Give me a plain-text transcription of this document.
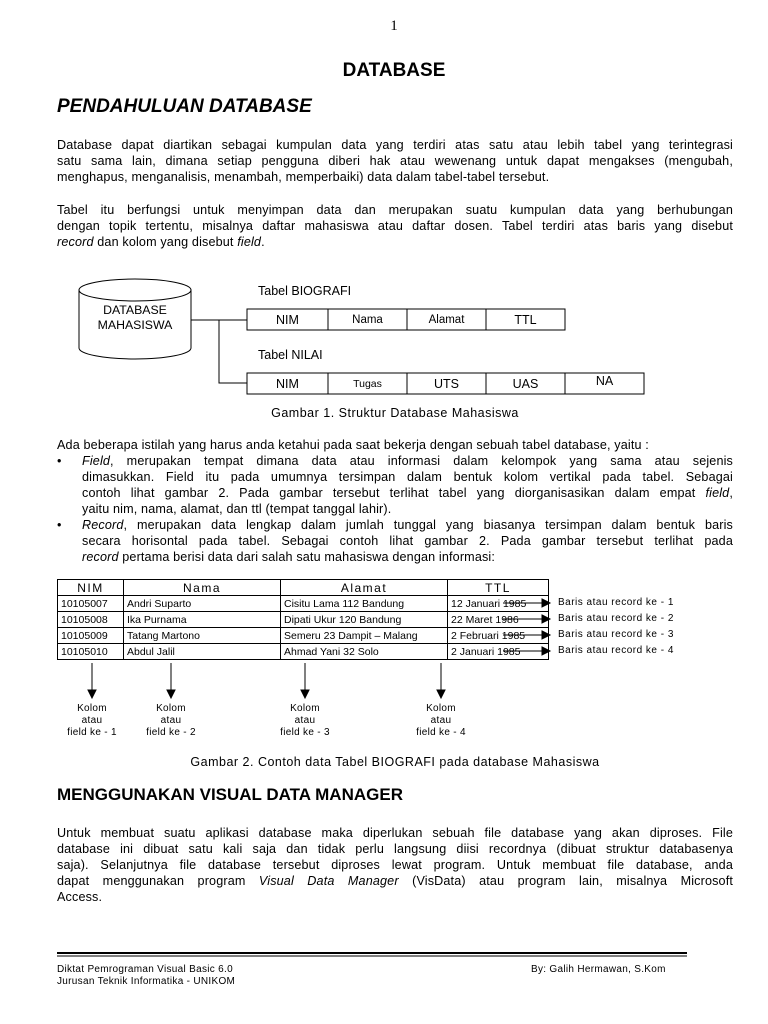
1
DATABASE
PENDAHULUAN DATABASE
Database dapat diartikan sebagai kumpulan data yang terdiri atas satu atau lebih tabel yang terintegrasi
satu sama lain, dimana setiap pengguna diberi hak atau wewenang untuk dapat mengakses (mengubah,
menghapus, menganalisis, menambah, memperbaiki) data dalam tabel-tabel tersebut.
Tabel itu berfungsi untuk menyimpan data dan merupakan suatu kumpulan data yang berhubungan
dengan topik tertentu, misalnya daftar mahasiswa atau daftar dosen. Tabel terdiri atas baris yang disebut
record dan kolom yang disebut field.
DATABASE
MAHASISWA
Tabel BIOGRAFI
Tabel NILAI
NIM	Nama	Alamat	TTL
NIM	Tugas	UTS	UAS	NA
Gambar 1. Struktur Database Mahasiswa
Ada beberapa istilah yang harus anda ketahui pada saat bekerja dengan sebuah tabel database, yaitu :
• Field, merupakan tempat dimana data atau informasi dalam kelompok yang sama atau sejenis
dimasukkan. Field itu pada umumnya tersimpan dalam bentuk kolom vertikal pada tabel. Sebagai
contoh lihat gambar 2. Pada gambar tersebut terlihat tabel yang diorganisasikan dalam empat field,
yaitu nim, nama, alamat, dan ttl (tempat tanggal lahir).
• Record, merupakan data lengkap dalam jumlah tunggal yang biasanya tersimpan dalam bentuk baris
secara horisontal pada tabel. Sebagai contoh lihat gambar 2. Pada gambar tersebut terlihat pada
record pertama berisi data dari salah satu mahasiswa dengan informasi:
NIM	Nama	Alamat	TTL
10105007	Andri Suparto	Cisitu Lama 112 Bandung	12 Januari 1985
10105008	Ika Purnama	Dipati Ukur 120 Bandung	22 Maret 1986
10105009	Tatang Martono	Semeru 23 Dampit – Malang	2 Februari 1985
10105010	Abdul Jalil	Ahmad Yani 32 Solo	2 Januari 1985
Baris atau record ke - 1
Baris atau record ke - 2
Baris atau record ke - 3
Baris atau record ke - 4
Kolom
atau
field ke - 1
Kolom
atau
field ke - 2
Kolom
atau
field ke - 3
Kolom
atau
field ke - 4
Gambar 2. Contoh data Tabel BIOGRAFI pada database Mahasiswa
MENGGUNAKAN VISUAL DATA MANAGER
Untuk membuat suatu aplikasi database maka diperlukan sebuah file database yang akan diproses. File
database ini dibuat satu kali saja dan tidak perlu langsung diisi recordnya (dibuat struktur databasenya
saja). Selanjutnya file database tersebut diproses lewat program. Untuk membuat file database, anda
dapat menggunakan program Visual Data Manager (VisData) atau program lain, misalnya Microsoft
Access.
Diktat Pemrograman Visual Basic 6.0
Jurusan Teknik Informatika - UNIKOM
By: Galih Hermawan, S.Kom
